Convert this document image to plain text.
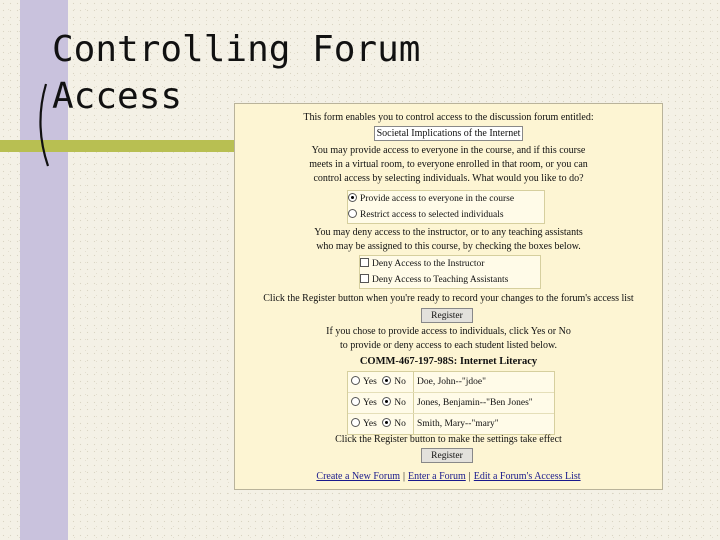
Controlling Forum
Access
This form enables you to control access to the discussion forum entitled:
Societal Implications of the Internet
You may provide access to everyone in the course, and if this course
meets in a virtual room, to everyone enrolled in that room, or you can
control access by selecting individuals. What would you like to do?
Provide access to everyone in the course
Restrict access to selected individuals
You may deny access to the instructor, or to any teaching assistants
who may be assigned to this course, by checking the boxes below.
Deny Access to the Instructor
Deny Access to Teaching Assistants
Click the Register button when you're ready to record your changes to the forum's access list
Register
If you chose to provide access to individuals, click Yes or No
to provide or deny access to each student listed below.
COMM-467-197-98S: Internet Literacy
Yes No	Doe, John--"jdoe"
Yes No	Jones, Benjamin--"Ben Jones"
Yes No	Smith, Mary--"mary"
Click the Register button to make the settings take effect
Register
Create a New Forum | Enter a Forum | Edit a Forum's Access List
